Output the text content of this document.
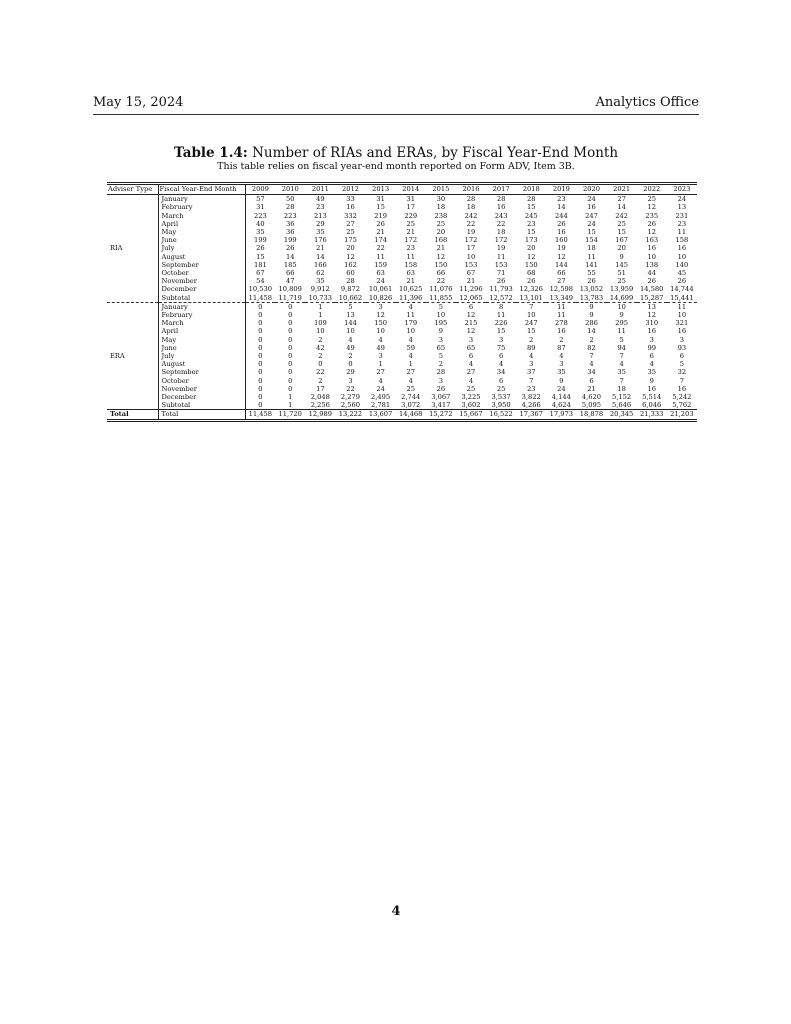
May 15, 2024	Analytics Office
Table 1.4: Number of RIAs and ERAs, by Fiscal Year-End Month
This table relies on fiscal year-end month reported on Form ADV, Item 3B.
Adviser Type	Fiscal Year-End Month	2009	2010	2011	2012	2013	2014	2015	2016	2017	2018	2019	2020	2021	2022	2023
RIA	January	57	50	49	33	31	31	30	28	28	28	23	24	27	25	24
	February	31	28	23	16	15	17	18	18	16	15	14	16	14	12	13
	March	223	223	213	332	219	229	238	242	243	245	244	247	242	235	231
	April	40	36	29	27	26	25	25	22	22	23	26	24	25	26	23
	May	35	36	35	25	21	21	20	19	18	15	16	15	15	12	11
	June	199	199	176	175	174	172	168	172	172	173	160	154	167	163	158
	July	26	26	21	20	22	23	21	17	19	20	19	18	20	16	16
	August	15	14	14	12	11	11	12	10	11	12	12	11	9	10	10
	September	181	185	166	162	159	158	150	153	153	150	144	141	145	138	140
	October	67	66	62	60	63	63	66	67	71	68	66	55	51	44	45
	November	54	47	35	28	24	21	22	21	26	26	27	26	25	26	26
	December	10,530	10,809	9,912	9,872	10,061	10,625	11,076	11,296	11,793	12,326	12,598	13,052	13,959	14,580	14,744
	Subtotal	11,458	11,719	10,733	10,662	10,826	11,396	11,855	12,065	12,572	13,101	13,349	13,783	14,699	15,287	15,441
ERA	January	0	0	1	5	3	4	5	6	8	7	11	9	10	13	11
	February	0	0	1	13	12	11	10	12	11	10	11	9	9	12	10
	March	0	0	109	144	150	179	195	215	226	247	278	286	295	310	321
	April	0	0	10	10	10	10	9	12	15	15	16	14	11	16	16
	May	0	0	2	4	4	4	3	3	3	2	2	2	5	3	3
	June	0	0	42	49	49	59	65	65	75	89	87	82	94	99	93
	July	0	0	2	2	3	4	5	6	6	4	4	7	7	6	6
	August	0	0	0	0	1	1	2	4	4	3	3	4	4	4	5
	September	0	0	22	29	27	27	28	27	34	37	35	34	35	35	32
	October	0	0	2	3	4	4	3	4	6	7	9	6	7	9	7
	November	0	0	17	22	24	25	26	25	25	23	24	21	18	16	16
	December	0	1	2,048	2,279	2,495	2,744	3,067	3,225	3,537	3,822	4,144	4,620	5,152	5,514	5,242
	Subtotal	0	1	2,256	2,560	2,781	3,072	3,417	3,602	3,950	4,266	4,624	5,095	5,646	6,046	5,762
Total	Total	11,458	11,720	12,989	13,222	13,607	14,468	15,272	15,667	16,522	17,367	17,973	18,878	20,345	21,333	21,203
4
